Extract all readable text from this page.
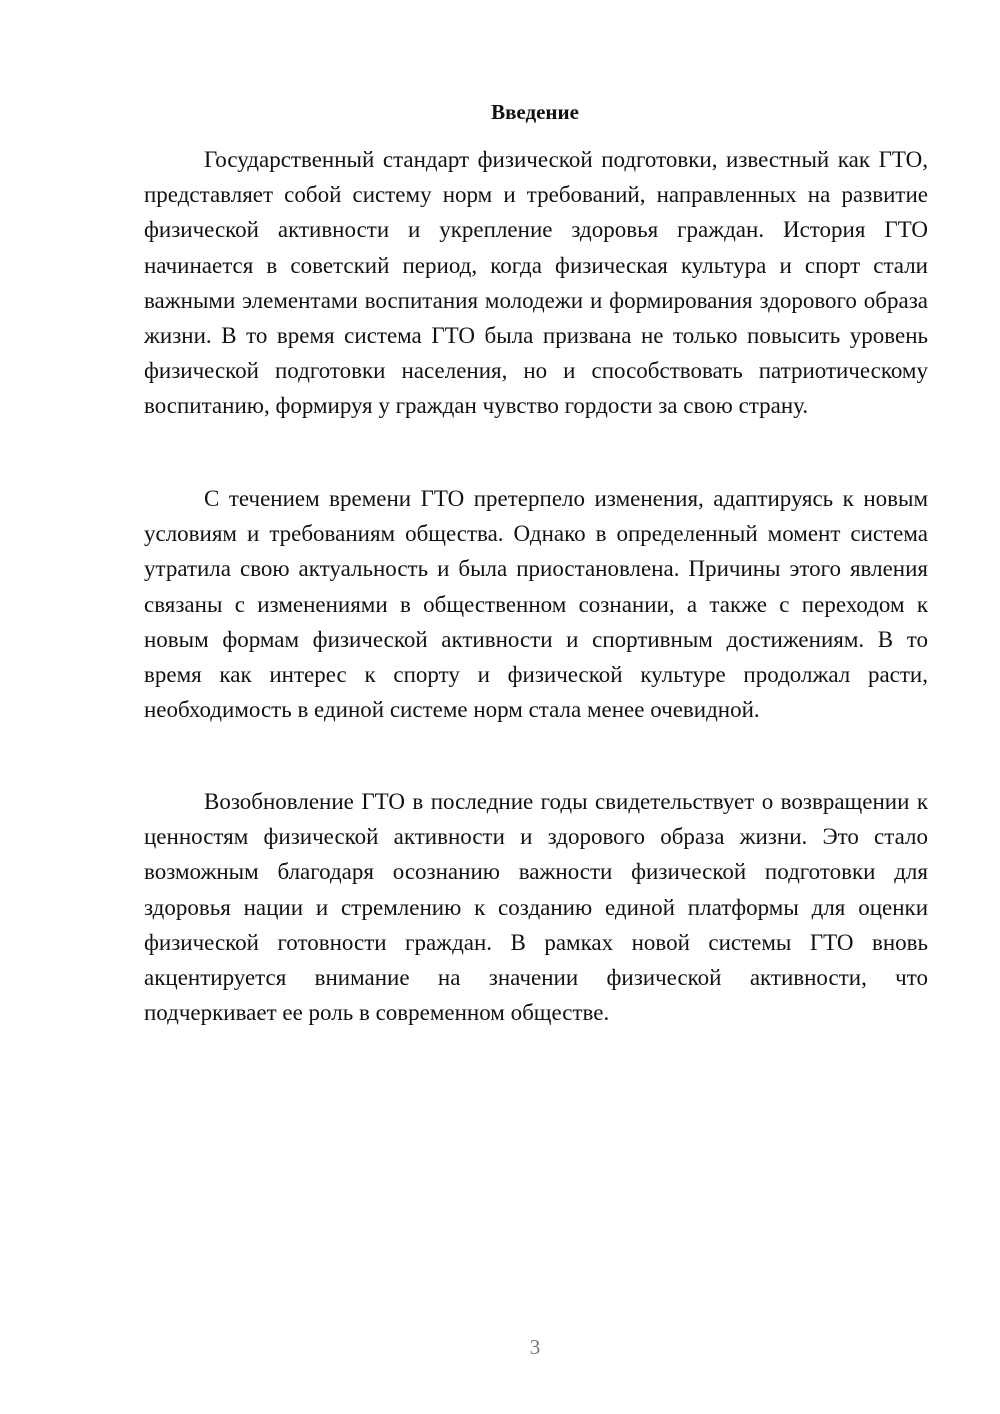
Введение

Государственный стандарт физической подготовки, известный как ГТО, представляет собой систему норм и требований, направленных на развитие физической активности и укрепление здоровья граждан. История ГТО начинается в советский период, когда физическая культура и спорт стали важными элементами воспитания молодежи и формирования здорового образа жизни. В то время система ГТО была призвана не только повысить уровень физической подготовки населения, но и способствовать патриотическому воспитанию, формируя у граждан чувство гордости за свою страну.

С течением времени ГТО претерпело изменения, адаптируясь к новым условиям и требованиям общества. Однако в определенный момент система утратила свою актуальность и была приостановлена. Причины этого явления связаны с изменениями в общественном сознании, а также с переходом к новым формам физической активности и спортивным достижениям. В то время как интерес к спорту и физической культуре продолжал расти, необходимость в единой системе норм стала менее очевидной.

Возобновление ГТО в последние годы свидетельствует о возвращении к ценностям физической активности и здорового образа жизни. Это стало возможным благодаря осознанию важности физической подготовки для здоровья нации и стремлению к созданию единой платформы для оценки физической готовности граждан. В рамках новой системы ГТО вновь акцентируется внимание на значении физической активности, что подчеркивает ее роль в современном обществе.

3
